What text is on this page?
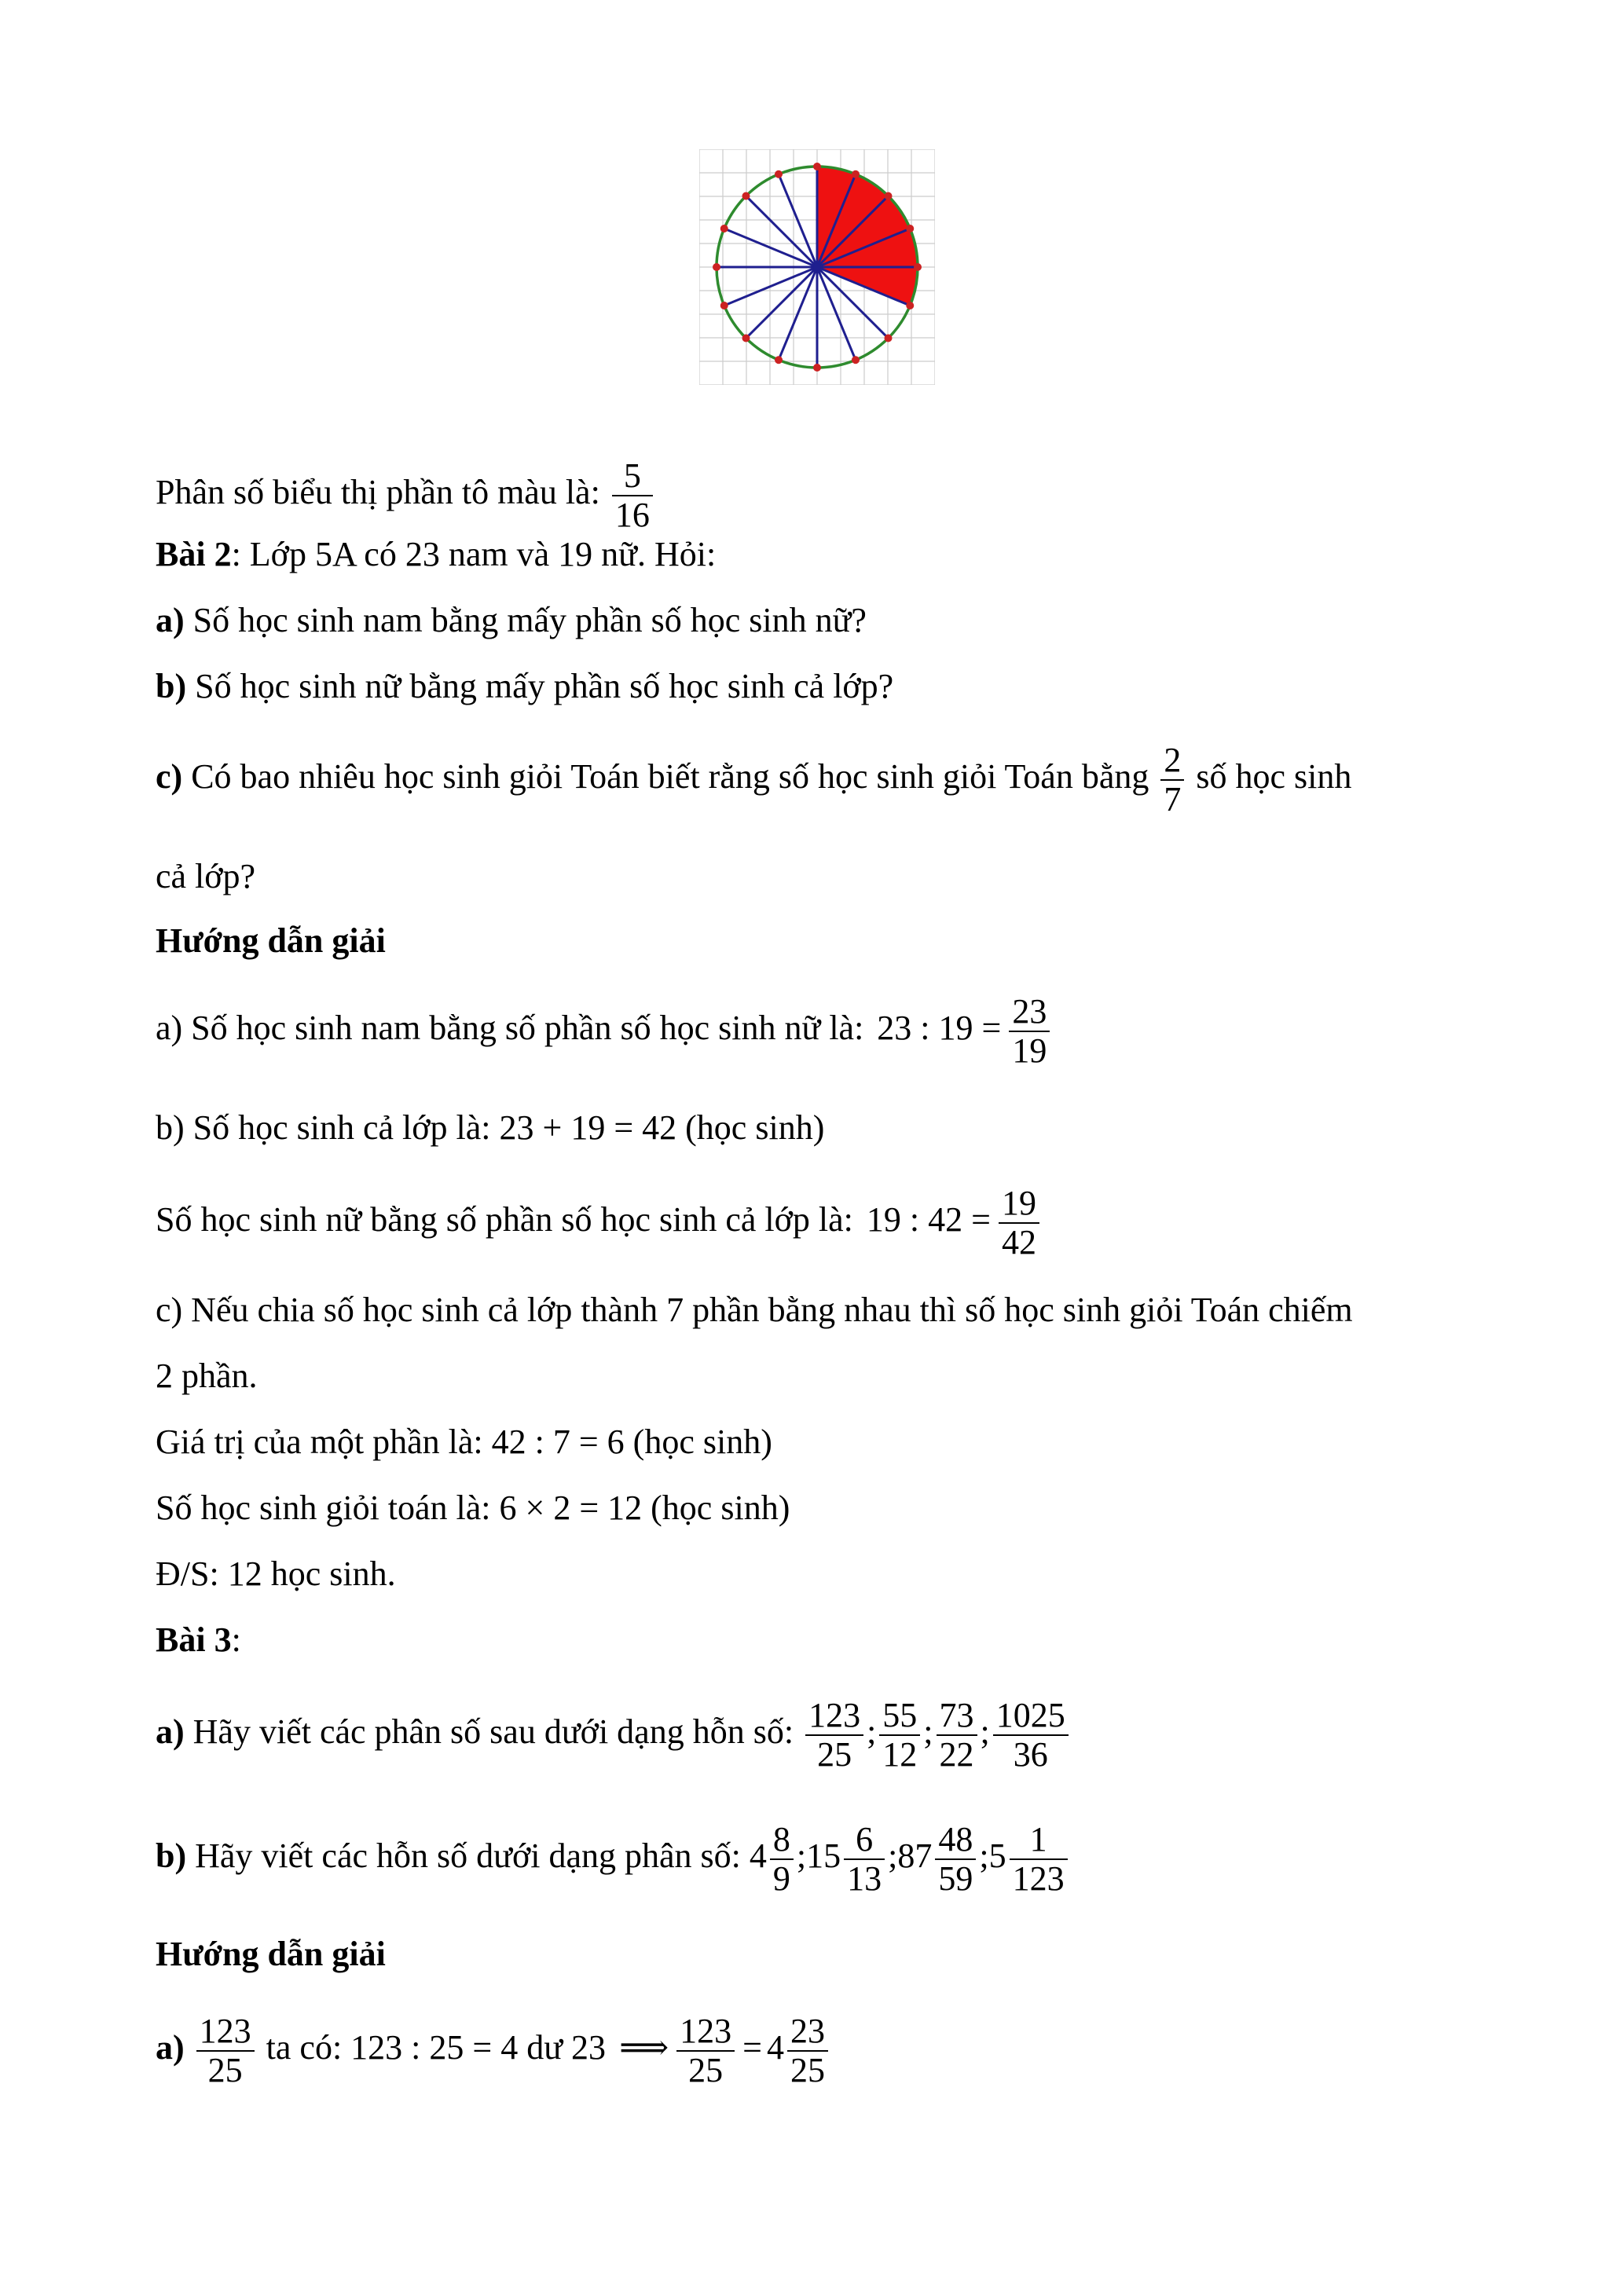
Phân số biểu thị phần tô màu là: $\frac{5}{16}$
Bài 2: Lớp 5A có 23 nam và 19 nữ. Hỏi:
a) Số học sinh nam bằng mấy phần số học sinh nữ?
b) Số học sinh nữ bằng mấy phần số học sinh cả lớp?
c) Có bao nhiêu học sinh giỏi Toán biết rằng số học sinh giỏi Toán bằng $\frac{2}{7}$ số học sinh
cả lớp?
Hướng dẫn giải
a) Số học sinh nam bằng số phần số học sinh nữ là: 23 : $19 = \frac{23}{19}$
b) Số học sinh cả lớp là: 23 + 19 = 42 (học sinh)
Số học sinh nữ bằng số phần số học sinh cả lớp là: 19 : $42 = \frac{19}{42}$
c) Nếu chia số học sinh cả lớp thành 7 phần bằng nhau thì số học sinh giỏi Toán chiếm
2 phần.
Giá trị của một phần là: 42 : 7 = 6 (học sinh)
Số học sinh giỏi toán là: 6 × 2 = 12 (học sinh)
Đ/S: 12 học sinh.
Bài 3:
a) Hãy viết các phân số sau dưới dạng hỗn số: $\frac{123}{25}$ ; $\frac{55}{12}$ ; $\frac{73}{22}$ ; $\frac{1025}{36}$
b) Hãy viết các hỗn số dưới dạng phân số: $4 \frac{8}{9}$ ;15 $\frac{6}{13}$ ;87 $\frac{48}{59}$ ;5 $\frac{1}{123}$
Hướng dẫn giải
$a) \frac{123}{25}$ ta có: 123 : 25 = 4 dư 23 ⟹ $\frac{123}{25} = 4 \frac{23}{25}$
